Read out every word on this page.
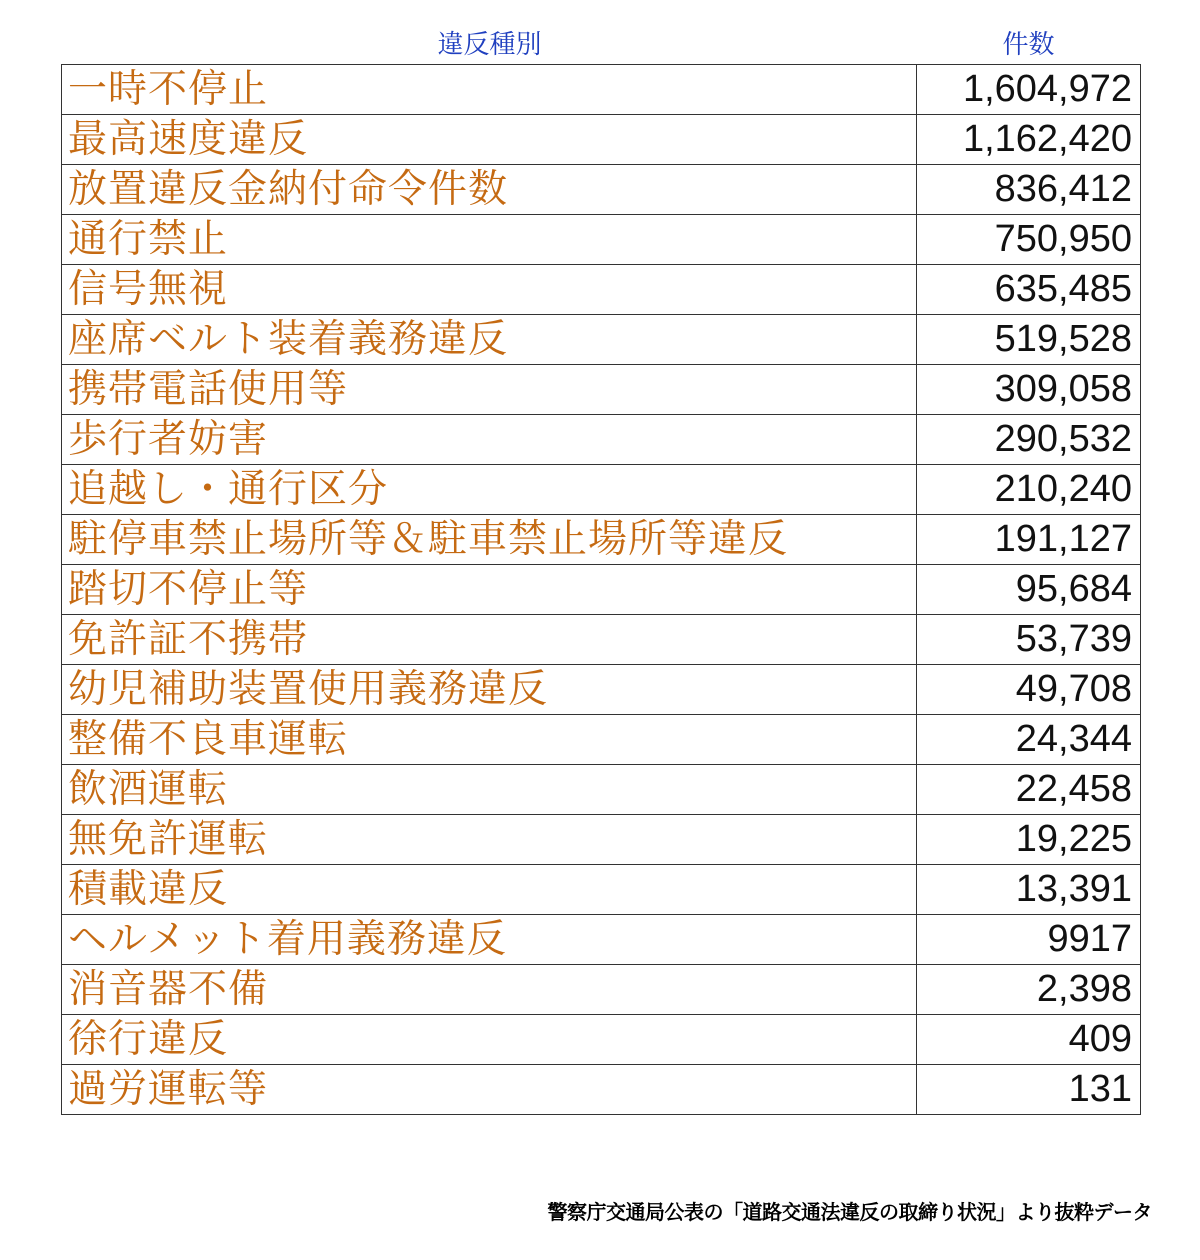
違反種別	件数
一時不停止	1,604,972
最高速度違反	1,162,420
放置違反金納付命令件数	836,412
通行禁止	750,950
信号無視	635,485
座席ベルト装着義務違反	519,528
携帯電話使用等	309,058
歩行者妨害	290,532
追越し・通行区分	210,240
駐停車禁止場所等＆駐車禁止場所等違反	191,127
踏切不停止等	95,684
免許証不携帯	53,739
幼児補助装置使用義務違反	49,708
整備不良車運転	24,344
飲酒運転	22,458
無免許運転	19,225
積載違反	13,391
ヘルメット着用義務違反	9917
消音器不備	2,398
徐行違反	409
過労運転等	131
警察庁交通局公表の「道路交通法違反の取締り状況」より抜粋データ
